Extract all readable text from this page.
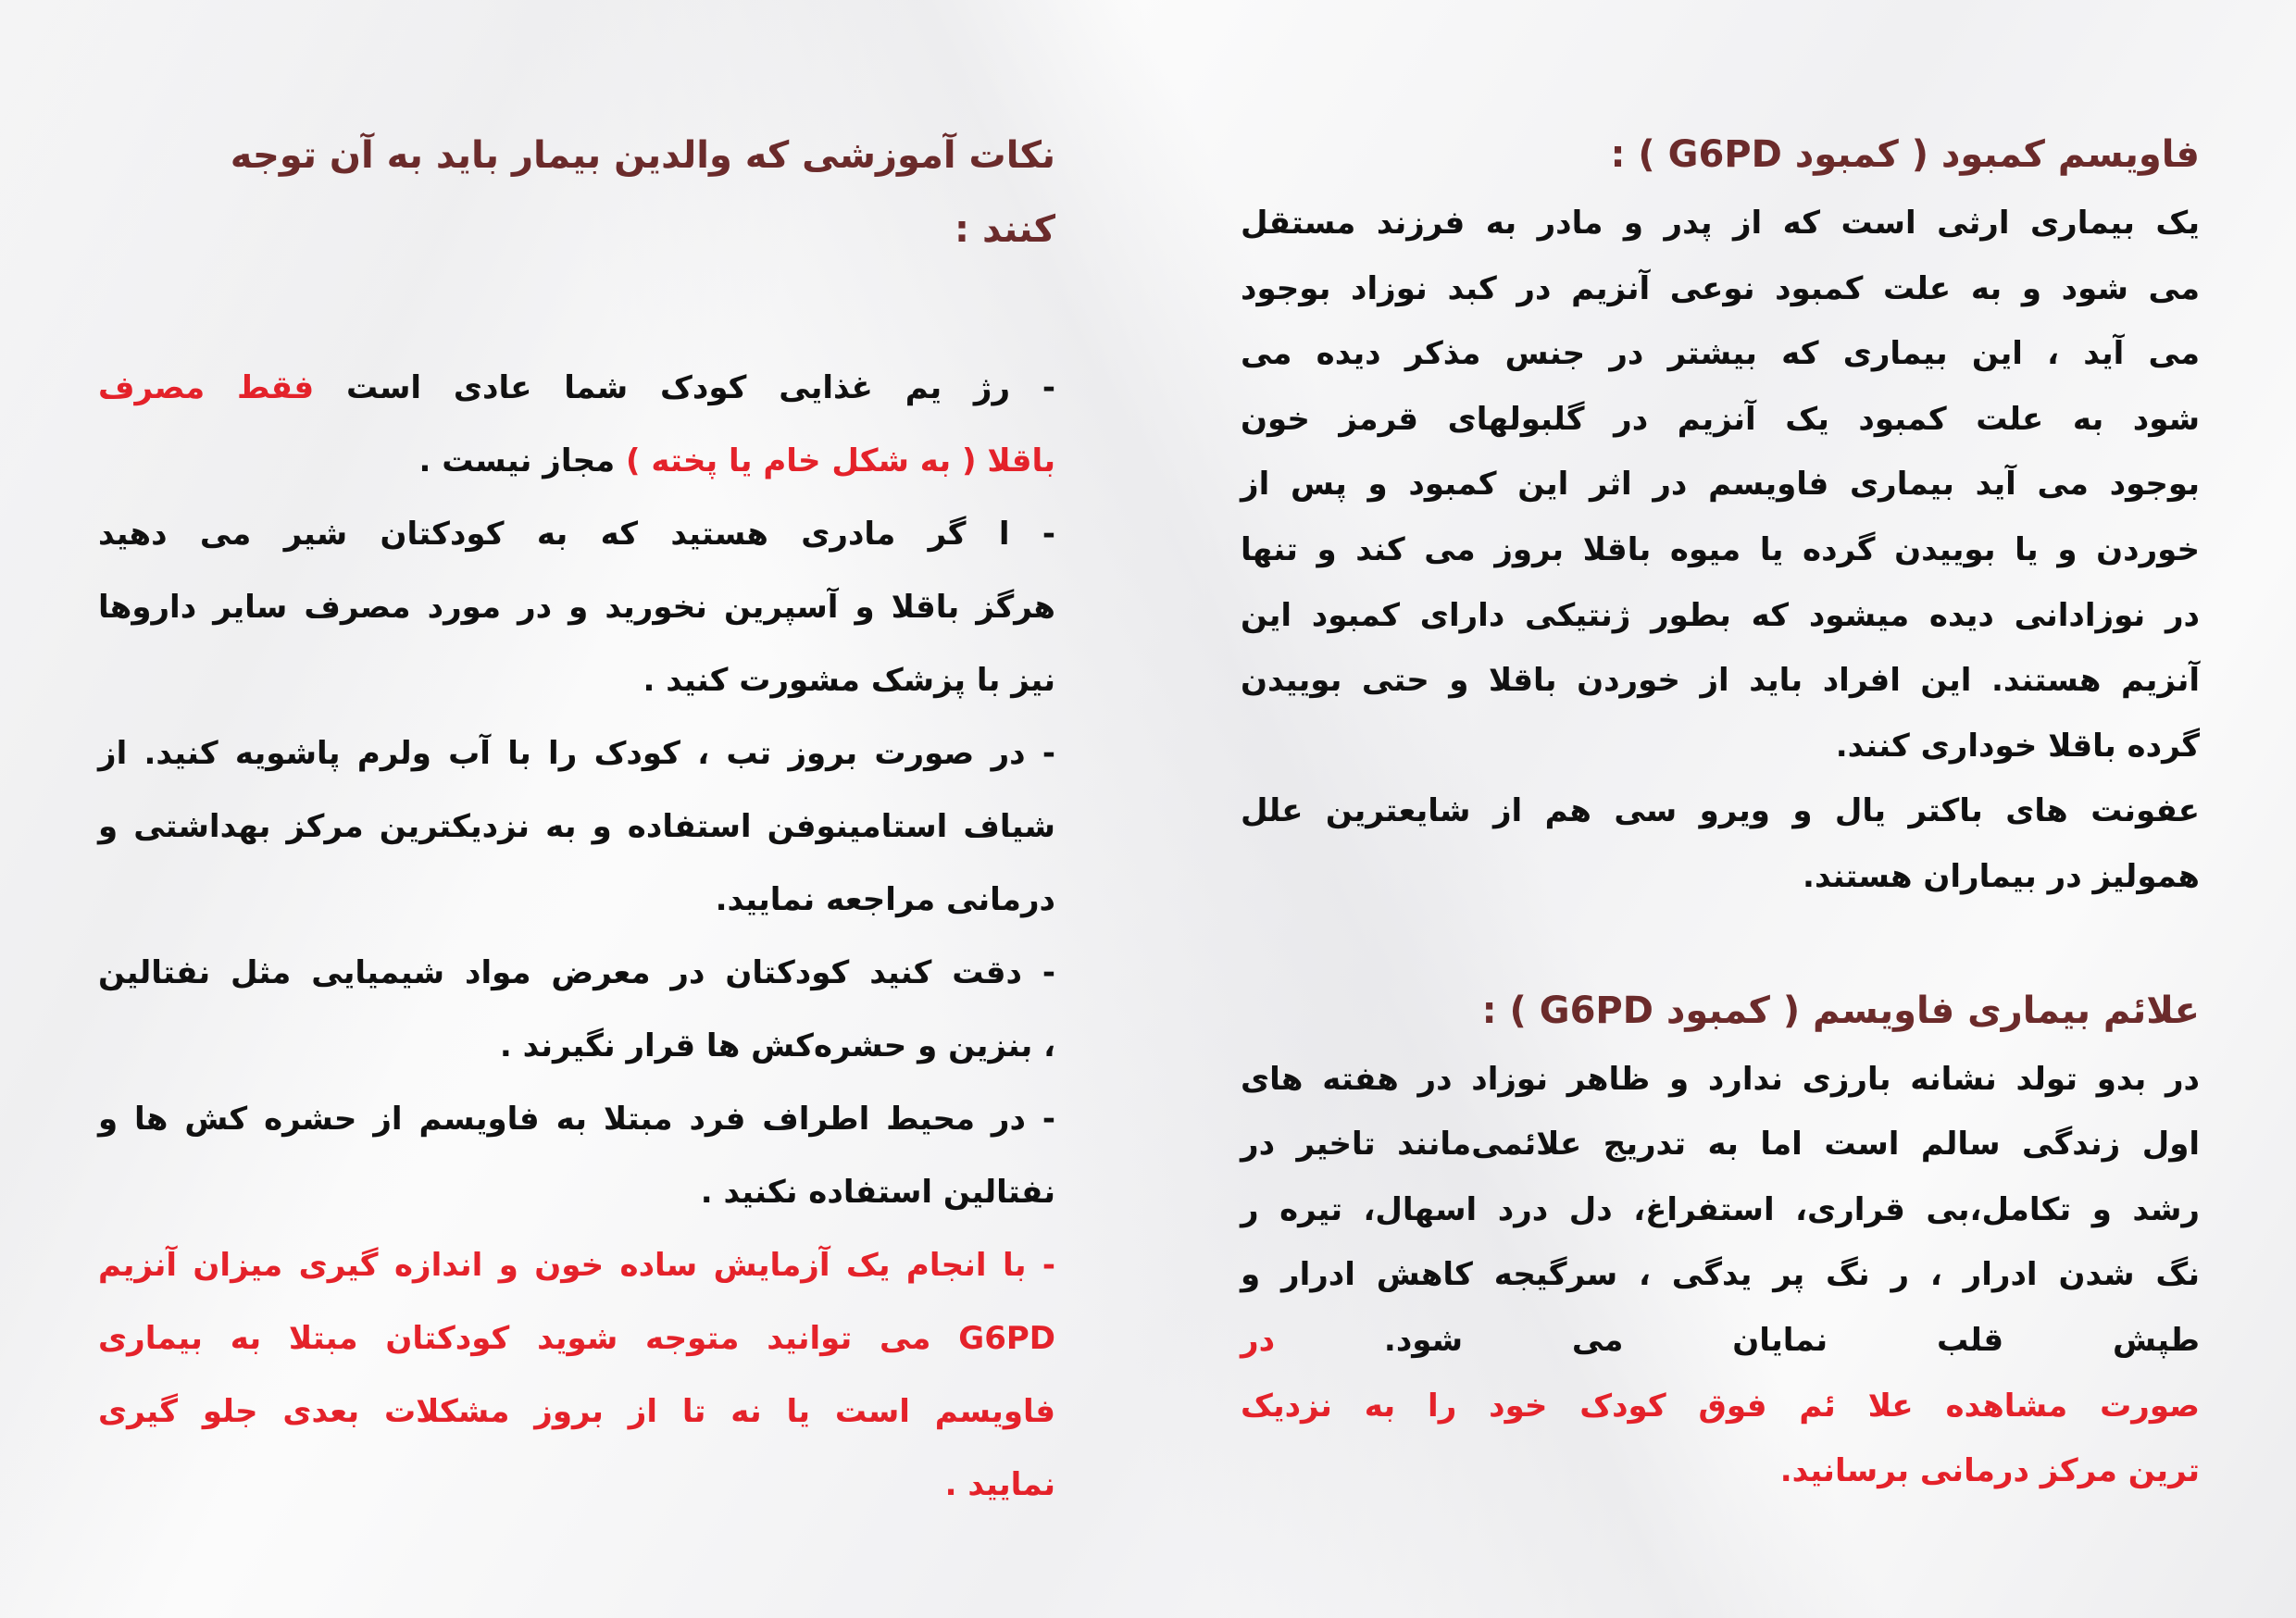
فاویسم کمبود ( کمبود G6PD ) :
یک بیماری ارثی است که از پدر و مادر به فرزند مستقل
می شود و به علت کمبود نوعی آنزیم در کبد نوزاد بوجود
می آید ، این بیماری که بیشتر در جنس مذکر دیده می
شود به علت کمبود یک آنزیم در گلبولهای قرمز خون
بوجود می آید بیماری فاویسم در اثر این کمبود و پس از
خوردن و یا بوییدن گرده یا میوه باقلا بروز می کند و تنها
در نوزادانی دیده میشود که بطور ژنتیکی دارای کمبود این
آنزیم هستند. این افراد باید از خوردن باقلا و حتی بوییدن
گرده باقلا خوداری کنند.
عفونت های باکتر یال و ویرو سی هم از شایعترین علل
همولیز در بیماران هستند.
علائم بیماری فاویسم ( کمبود G6PD ) :
در بدو تولد نشانه بارزی ندارد و ظاهر نوزاد در هفته های
اول زندگی سالم است اما به تدریج علائمی‌مانند تاخیر در
رشد و تکامل،بی قراری، استفراغ، دل درد اسهال، تیره ر
نگ شدن ادرار ، ر نگ پر یدگی ، سرگیجه کاهش ادرار و
طپش قلب نمایان می شود. در
صورت مشاهده علا ئم فوق کودک خود را به نزدیک
ترین مرکز درمانی برسانید.
نکات آموزشی که والدین بیمار باید به آن توجه
کنند :
- رژ یم غذایی کودک شما عادی است فقط مصرف
باقلا ( به شکل خام یا پخته ) مجاز نیست .
- ا گر مادری هستید که به کودکتان شیر می دهید
هرگز باقلا و آسپرین نخورید و در مورد مصرف سایر داروها
نیز با پزشک مشورت کنید .
- در صورت بروز تب ، کودک را با آب ولرم پاشویه کنید. از
شیاف استامینوفن استفاده و به نزدیکترین مرکز بهداشتی و
درمانی مراجعه نمایید.
- دقت کنید کودکتان در معرض مواد شیمیایی مثل نفتالین
، بنزین و حشره‌کش ها قرار نگیرند .
- در محیط اطراف فرد مبتلا به فاویسم از حشره کش ها و
نفتالین استفاده نکنید .
- با انجام یک آزمایش ساده خون و اندازه گیری میزان آنزیم
G6PD می توانید متوجه شوید کودکتان مبتلا به بیماری
فاویسم است یا نه تا از بروز مشکلات بعدی جلو گیری
نمایید .
